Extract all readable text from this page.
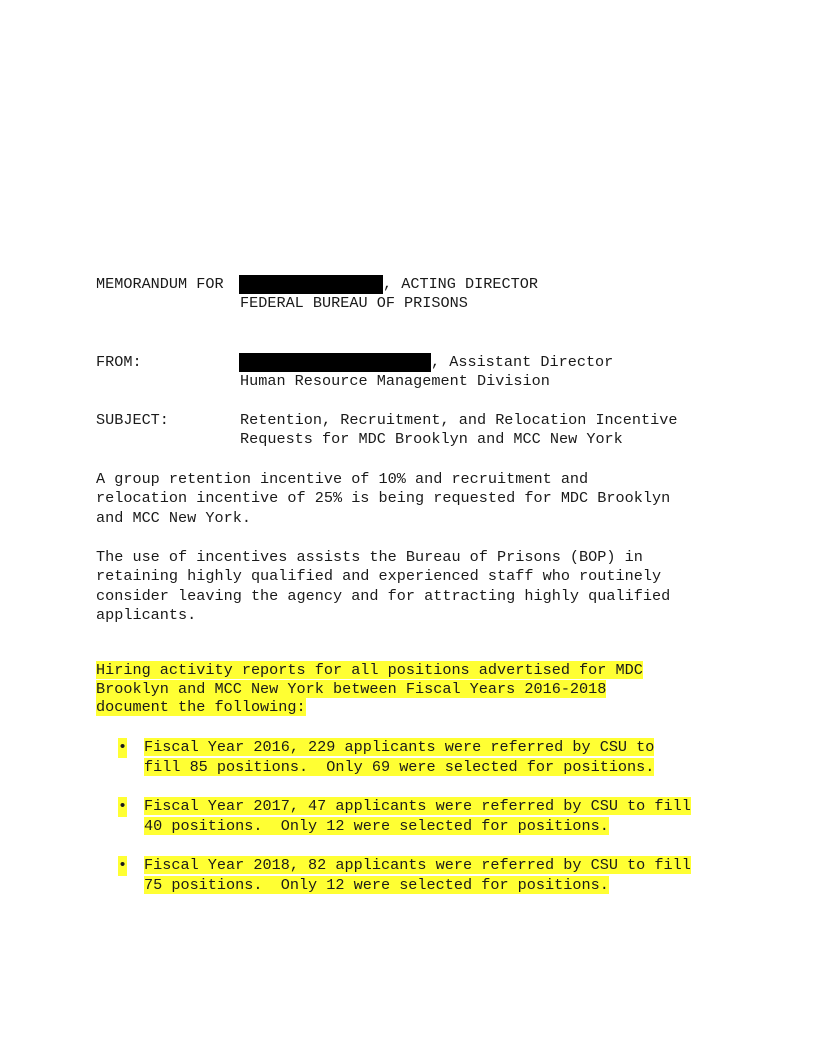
MEMORANDUM FOR	, ACTING DIRECTOR
FEDERAL BUREAU OF PRISONS
FROM:	, Assistant Director
Human Resource Management Division
SUBJECT:	Retention, Recruitment, and Relocation Incentive
Requests for MDC Brooklyn and MCC New York
A group retention incentive of 10% and recruitment and
relocation incentive of 25% is being requested for MDC Brooklyn
and MCC New York.
The use of incentives assists the Bureau of Prisons (BOP) in
retaining highly qualified and experienced staff who routinely
consider leaving the agency and for attracting highly qualified
applicants.
Hiring activity reports for all positions advertised for MDC
Brooklyn and MCC New York between Fiscal Years 2016-2018
document the following:
• Fiscal Year 2016, 229 applicants were referred by CSU to
fill 85 positions.  Only 69 were selected for positions.
• Fiscal Year 2017, 47 applicants were referred by CSU to fill
40 positions.  Only 12 were selected for positions.
• Fiscal Year 2018, 82 applicants were referred by CSU to fill
75 positions.  Only 12 were selected for positions.
